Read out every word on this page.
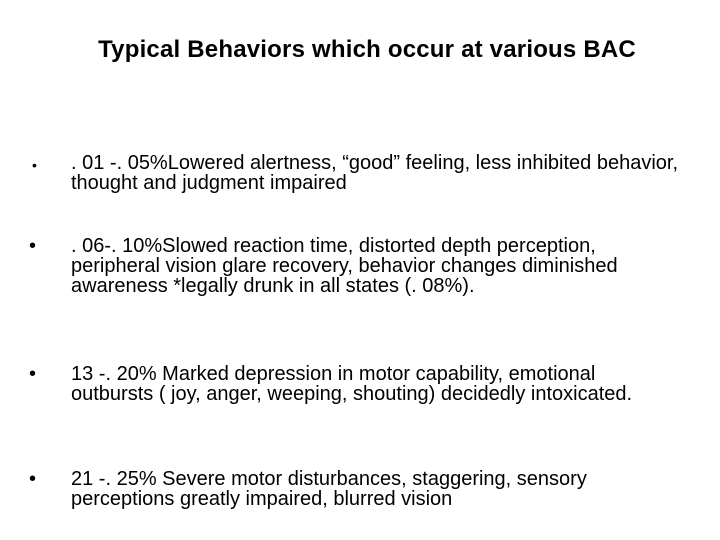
Typical Behaviors which occur at various BAC
• . 01 -. 05%Lowered alertness, “good” feeling, less inhibited behavior, thought and judgment impaired
• . 06-. 10%Slowed reaction time, distorted depth perception, peripheral vision glare recovery, behavior changes diminished awareness *legally drunk in all states (. 08%).
• 13 -. 20% Marked depression in motor capability, emotional outbursts ( joy, anger, weeping, shouting) decidedly intoxicated.
• 21 -. 25% Severe motor disturbances, staggering, sensory perceptions greatly impaired, blurred vision
